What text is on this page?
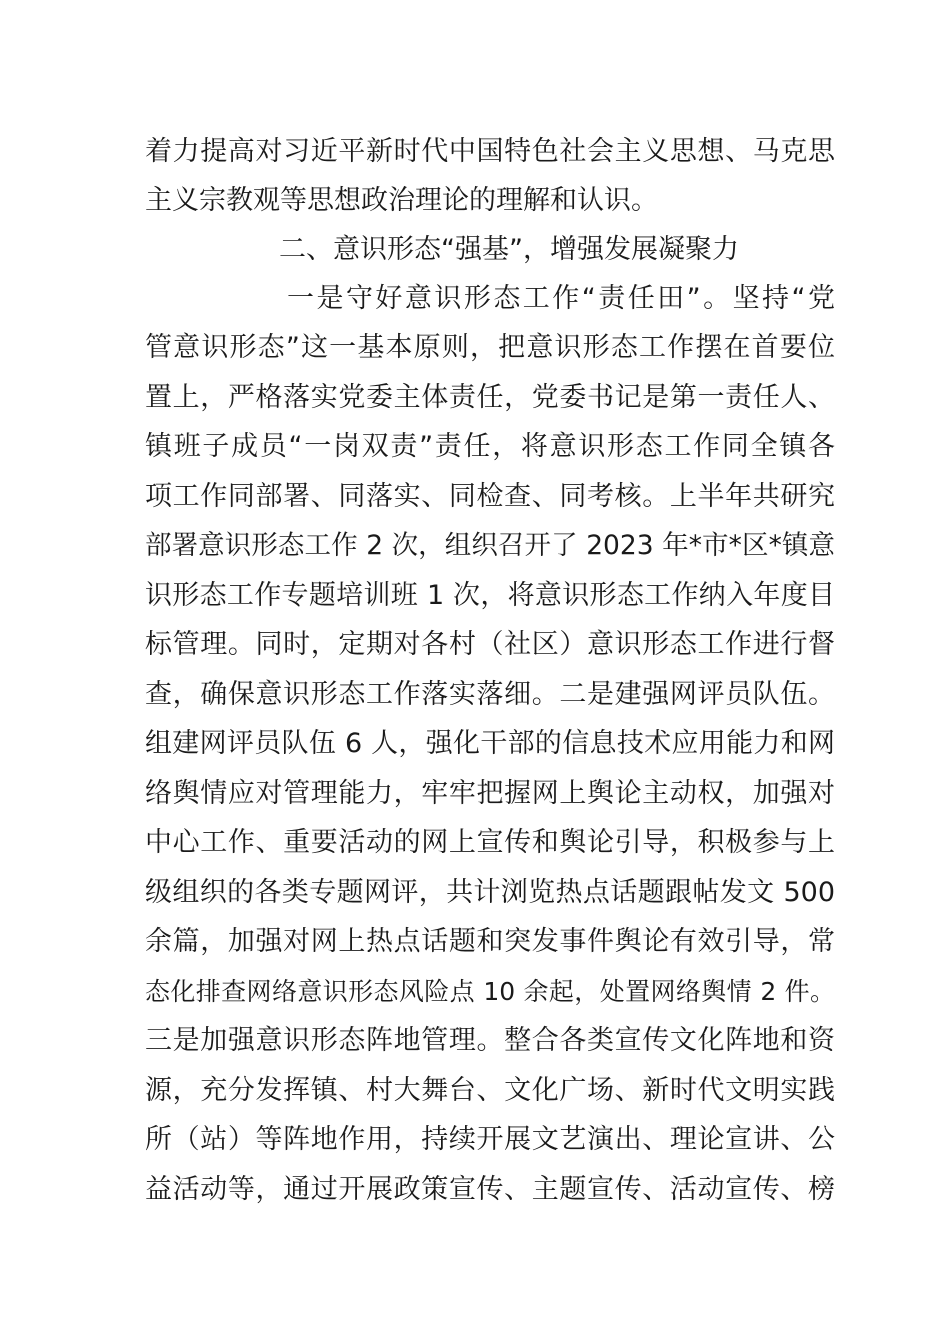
着力提高对习近平新时代中国特色社会主义思想、马克思
主义宗教观等思想政治理论的理解和认识。
二、意识形态“强基”，增强发展凝聚力
一是守好意识形态工作“责任田”。坚持“党
管意识形态”这一基本原则，把意识形态工作摆在首要位
置上，严格落实党委主体责任，党委书记是第一责任人、
镇班子成员“一岗双责”责任，将意识形态工作同全镇各
项工作同部署、同落实、同检查、同考核。上半年共研究
部署意识形态工作 2 次，组织召开了 2023 年*市*区*镇意
识形态工作专题培训班 1 次，将意识形态工作纳入年度目
标管理。同时，定期对各村（社区）意识形态工作进行督
查，确保意识形态工作落实落细。二是建强网评员队伍。
组建网评员队伍 6 人，强化干部的信息技术应用能力和网
络舆情应对管理能力，牢牢把握网上舆论主动权，加强对
中心工作、重要活动的网上宣传和舆论引导，积极参与上
级组织的各类专题网评，共计浏览热点话题跟帖发文 500
余篇，加强对网上热点话题和突发事件舆论有效引导，常
态化排查网络意识形态风险点 10 余起，处置网络舆情 2 件。
三是加强意识形态阵地管理。整合各类宣传文化阵地和资
源，充分发挥镇、村大舞台、文化广场、新时代文明实践
所（站）等阵地作用，持续开展文艺演出、理论宣讲、公
益活动等，通过开展政策宣传、主题宣传、活动宣传、榜
